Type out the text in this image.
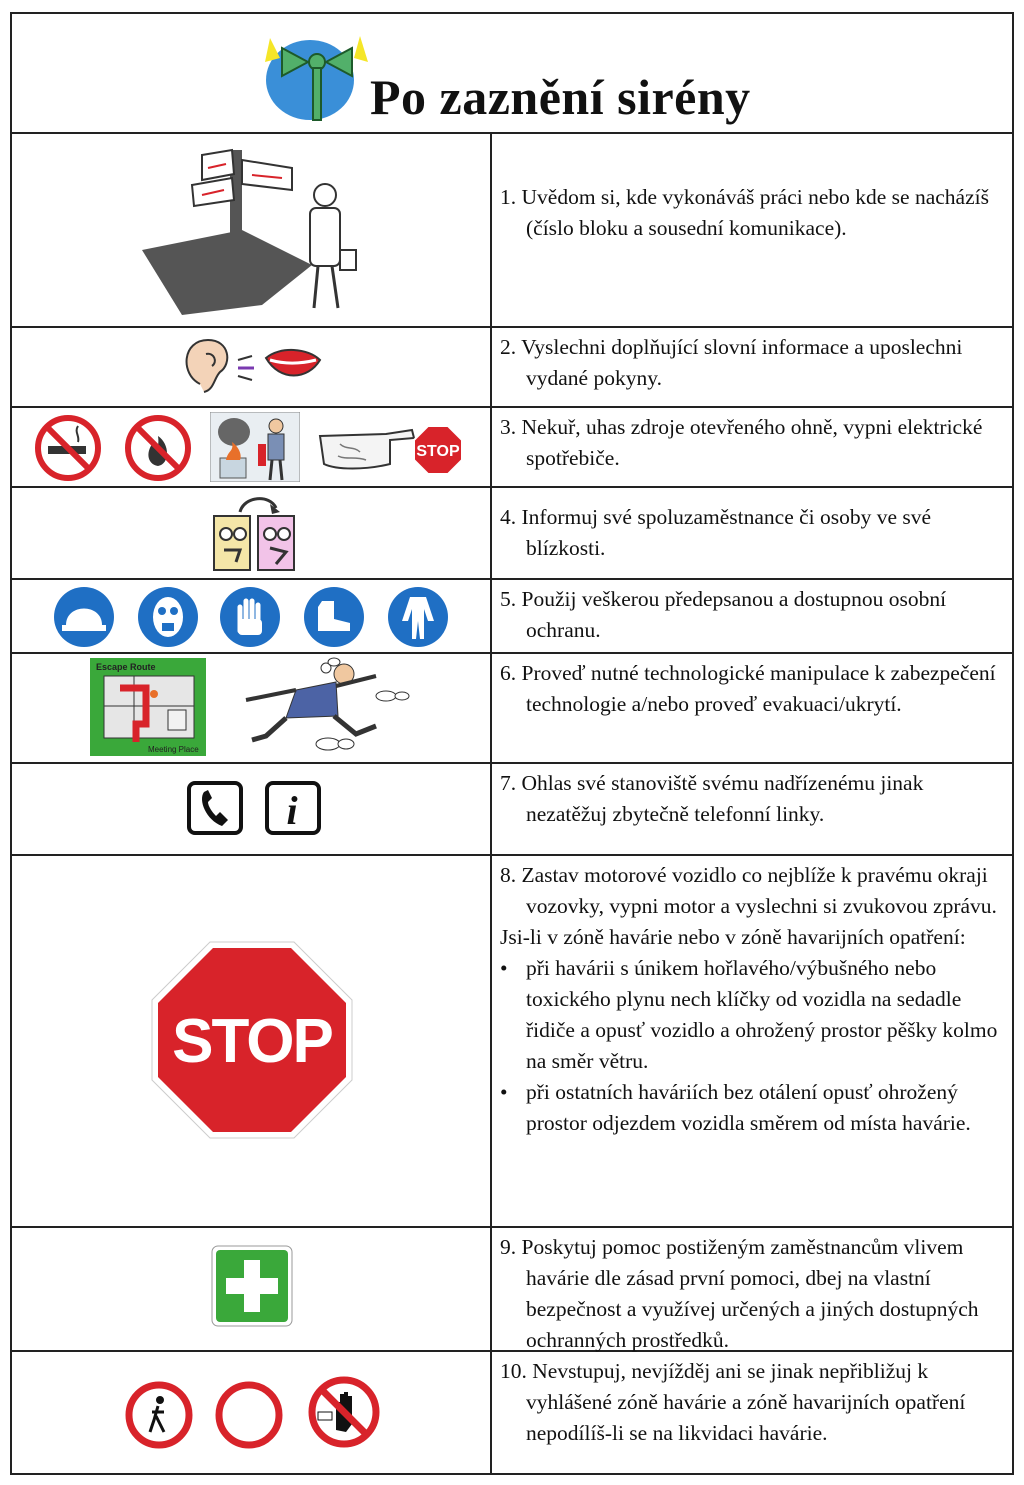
Po zaznění sirény

1. Uvědom si, kde vykonáváš práci nebo kde se nacházíš (číslo bloku a sousední komunikace).

2. Vyslechni doplňující slovní informace a uposlechni vydané pokyny.

STOP

3. Nekuř, uhas zdroje otevřeného ohně, vypni elektrické spotřebiče.

4. Informuj své spoluzaměstnance či osoby ve své blízkosti.

5. Použij veškerou předepsanou a dostupnou osobní ochranu.

Escape Route
Meeting Place

6. Proveď nutné technologické manipulace k zabezpečení technologie a/nebo proveď evakuaci/ukrytí.

i

7. Ohlas své stanoviště svému nadřízenému jinak nezatěžuj zbytečně telefonní linky.

STOP

8. Zastav motorové vozidlo co nejblíže k pravému okraji vozovky, vypni motor a vyslechni si zvukovou zprávu.

Jsi-li v zóně havárie nebo v zóně havarijních opatření:

• při havárii s únikem hořlavého/výbušného nebo toxického plynu nech klíčky od vozidla na sedadle řidiče a opusť vozidlo a ohrožený prostor pěšky kolmo na směr větru.

• při ostatních haváriích bez otálení opusť ohrožený prostor odjezdem vozidla směrem od místa havárie.

9. Poskytuj pomoc postiženým zaměstnancům vlivem havárie dle zásad první pomoci, dbej na vlastní bezpečnost a využívej určených a jiných dostupných ochranných prostředků.

10. Nevstupuj, nevjížděj ani se jinak nepřibližuj k vyhlášené zóně havárie a zóně havarijních opatření nepodílíš-li se na likvidaci havárie.
